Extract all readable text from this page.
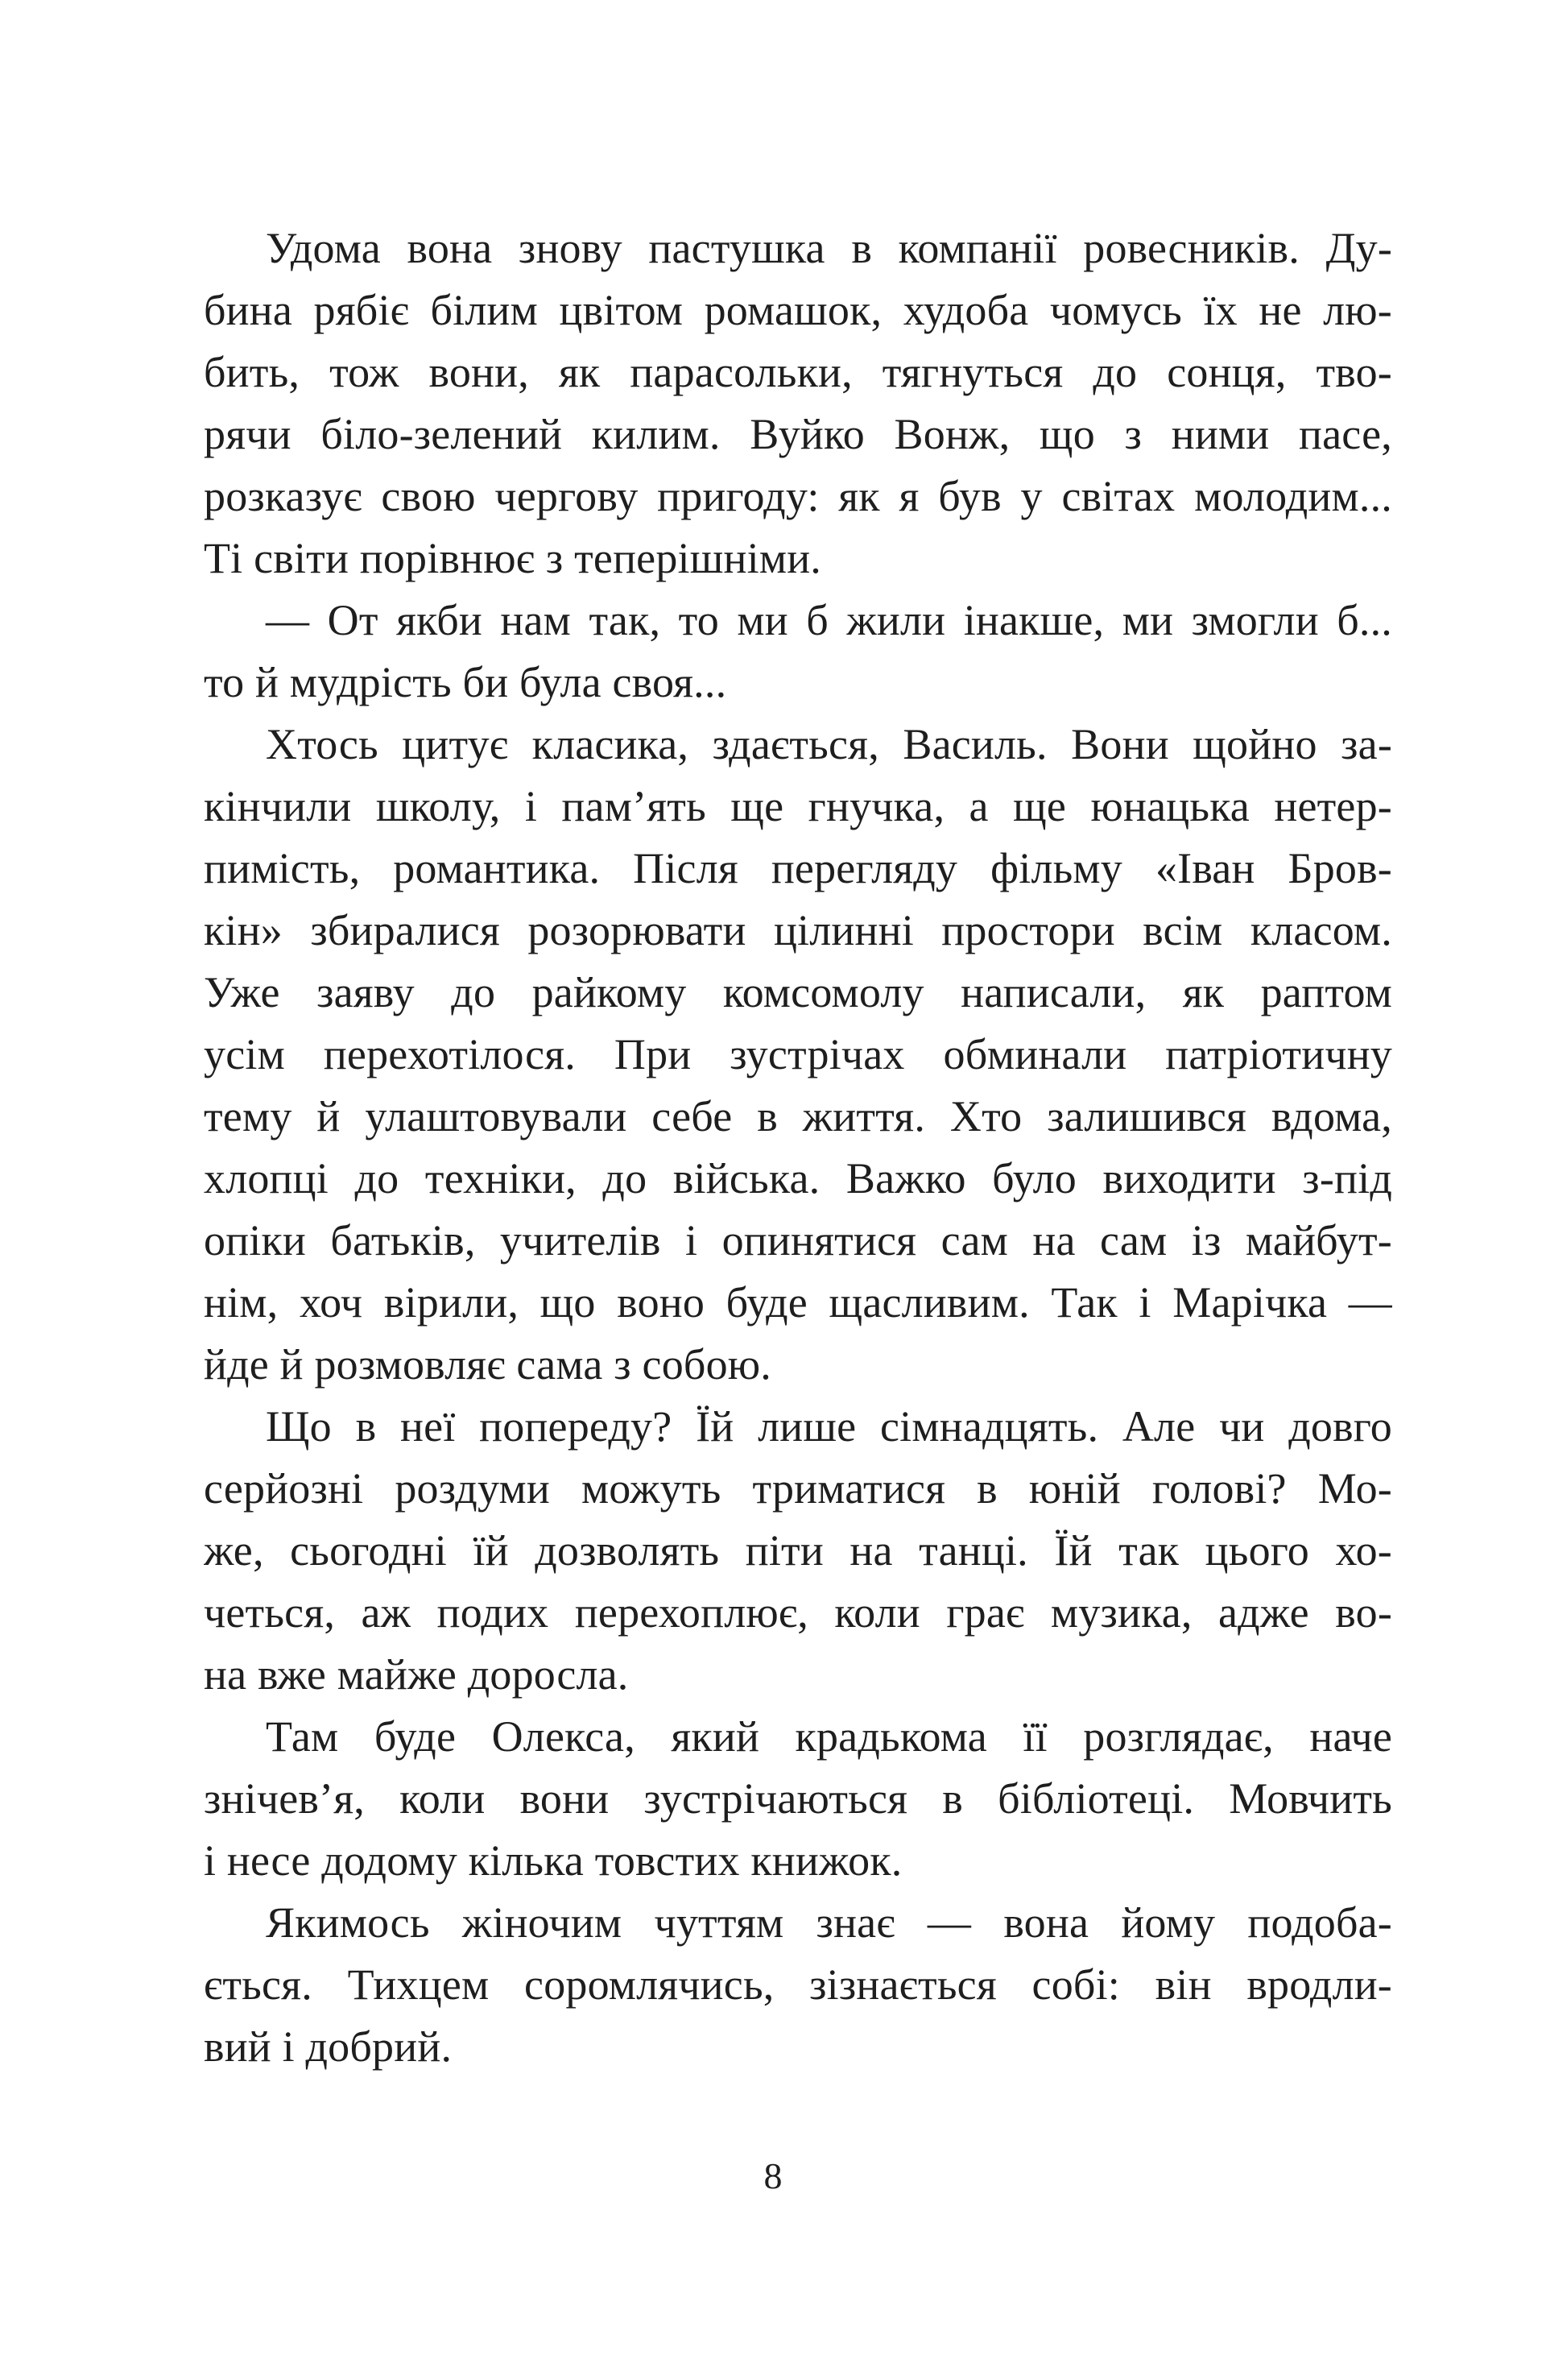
Удома вона знову пастушка в компанії ровесників. Ду-
бина рябіє білим цвітом ромашок, худоба чомусь їх не лю-
бить, тож вони, як парасольки, тягнуться до сонця, тво-
рячи біло-зелений килим. Вуйко Вонж, що з ними пасе,
розказує свою чергову пригоду: як я був у світах молодим...
Ті світи порівнює з теперішніми.
— От якби нам так, то ми б жили інакше, ми змогли б...
то й мудрість би була своя...
Хтось цитує класика, здається, Василь. Вони щойно за-
кінчили школу, і пам’ять ще гнучка, а ще юнацька нетер-
пимість, романтика. Після перегляду фільму «Іван Бров-
кін» збиралися розорювати цілинні простори всім класом.
Уже заяву до райкому комсомолу написали, як раптом
усім перехотілося. При зустрічах обминали патріотичну
тему й улаштовували себе в життя. Хто залишився вдома,
хлопці до техніки, до війська. Важко було виходити з-під
опіки батьків, учителів і опинятися сам на сам із майбут-
нім, хоч вірили, що воно буде щасливим. Так і Марічка —
йде й розмовляє сама з собою.
Що в неї попереду? Їй лише сімнадцять. Але чи довго
серйозні роздуми можуть триматися в юній голові? Мо-
же, сьогодні їй дозволять піти на танці. Їй так цього хо-
четься, аж подих перехоплює, коли грає музика, адже во-
на вже майже доросла.
Там буде Олекса, який крадькома її розглядає, наче
знічев’я, коли вони зустрічаються в бібліотеці. Мовчить
і несе додому кілька товстих книжок.
Якимось жіночим чуттям знає — вона йому подоба-
ється. Тихцем соромлячись, зізнається собі: він вродли-
вий і добрий.
8
